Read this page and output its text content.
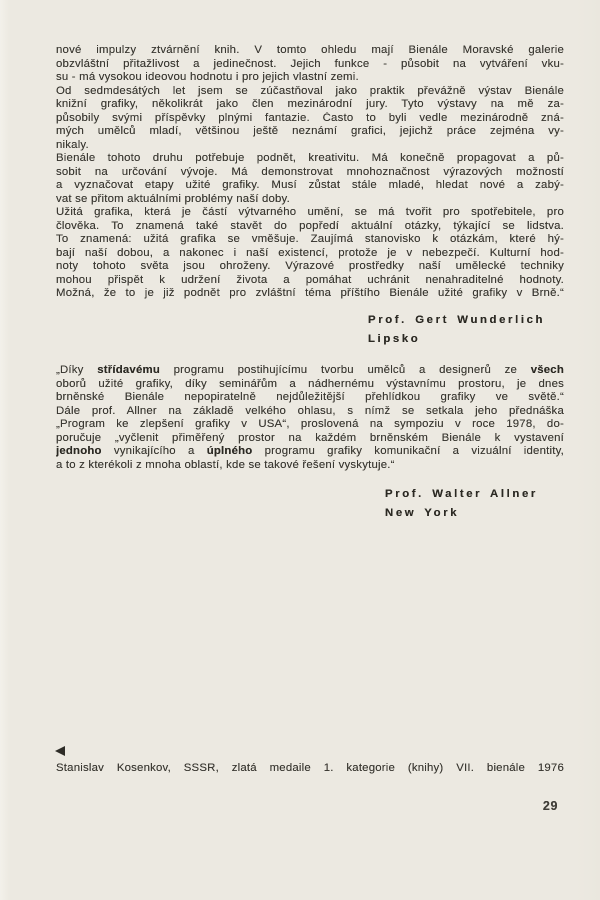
nové impulzy ztvárnění knih. V tomto ohledu mají Bienále Moravské galerie
obzvláštní přitažlivost a jedinečnost. Jejich funkce - působit na vytváření vku-
su - má vysokou ideovou hodnotu i pro jejich vlastní zemi.
Od sedmdesátých let jsem se zúčastňoval jako praktik převážně výstav Bienále
knižní grafiky, několikrát jako člen mezinárodní jury. Tyto výstavy na mě za-
působily svými příspěvky plnými fantazie. Často to byli vedle mezinárodně zná-
mých umělců mladí, většinou ještě neznámí grafici, jejichž práce zejména vy-
nikaly.
Bienále tohoto druhu potřebuje podnět, kreativitu. Má konečně propagovat a pů-
sobit na určování vývoje. Má demonstrovat mnohoznačnost výrazových možností
a vyznačovat etapy užité grafiky. Musí zůstat stále mladé, hledat nové a zabý-
vat se přitom aktuálními problémy naší doby.
Užitá grafika, která je částí výtvarného umění, se má tvořit pro spotřebitele, pro
člověka. To znamená také stavět do popředí aktuální otázky, týkající se lidstva.
To znamená: užitá grafika se vměšuje. Zaujímá stanovisko k otázkám, které hý-
bají naší dobou, a nakonec i naší existencí, protože je v nebezpečí. Kulturní hod-
noty tohoto světa jsou ohroženy. Výrazové prostředky naší umělecké techniky
mohou přispět k udržení života a pomáhat uchránit nenahraditelné hodnoty.
Možná, že to je již podnět pro zvláštní téma příštího Bienále užité grafiky v Brně.“
Prof. Gert Wunderlich
Lipsko
„Díky střídavému programu postihujícímu tvorbu umělců a designerů ze všech
oborů užité grafiky, díky seminářům a nádhernému výstavnímu prostoru, je dnes
brněnské Bienále nepopiratelně nejdůležitější přehlídkou grafiky ve světě.“
Dále prof. Allner na základě velkého ohlasu, s nímž se setkala jeho přednáška
„Program ke zlepšení grafiky v USA“, proslovená na sympoziu v roce 1978, do-
poručuje „vyčlenit přiměřený prostor na každém brněnském Bienále k vystavení
jednoho vynikajícího a úplného programu grafiky komunikační a vizuální identity,
a to z kterékoli z mnoha oblastí, kde se takové řešení vyskytuje.“
Prof. Walter Allner
New York
Stanislav Kosenkov, SSSR, zlatá medaile 1. kategorie (knihy) VII. bienále 1976
29
